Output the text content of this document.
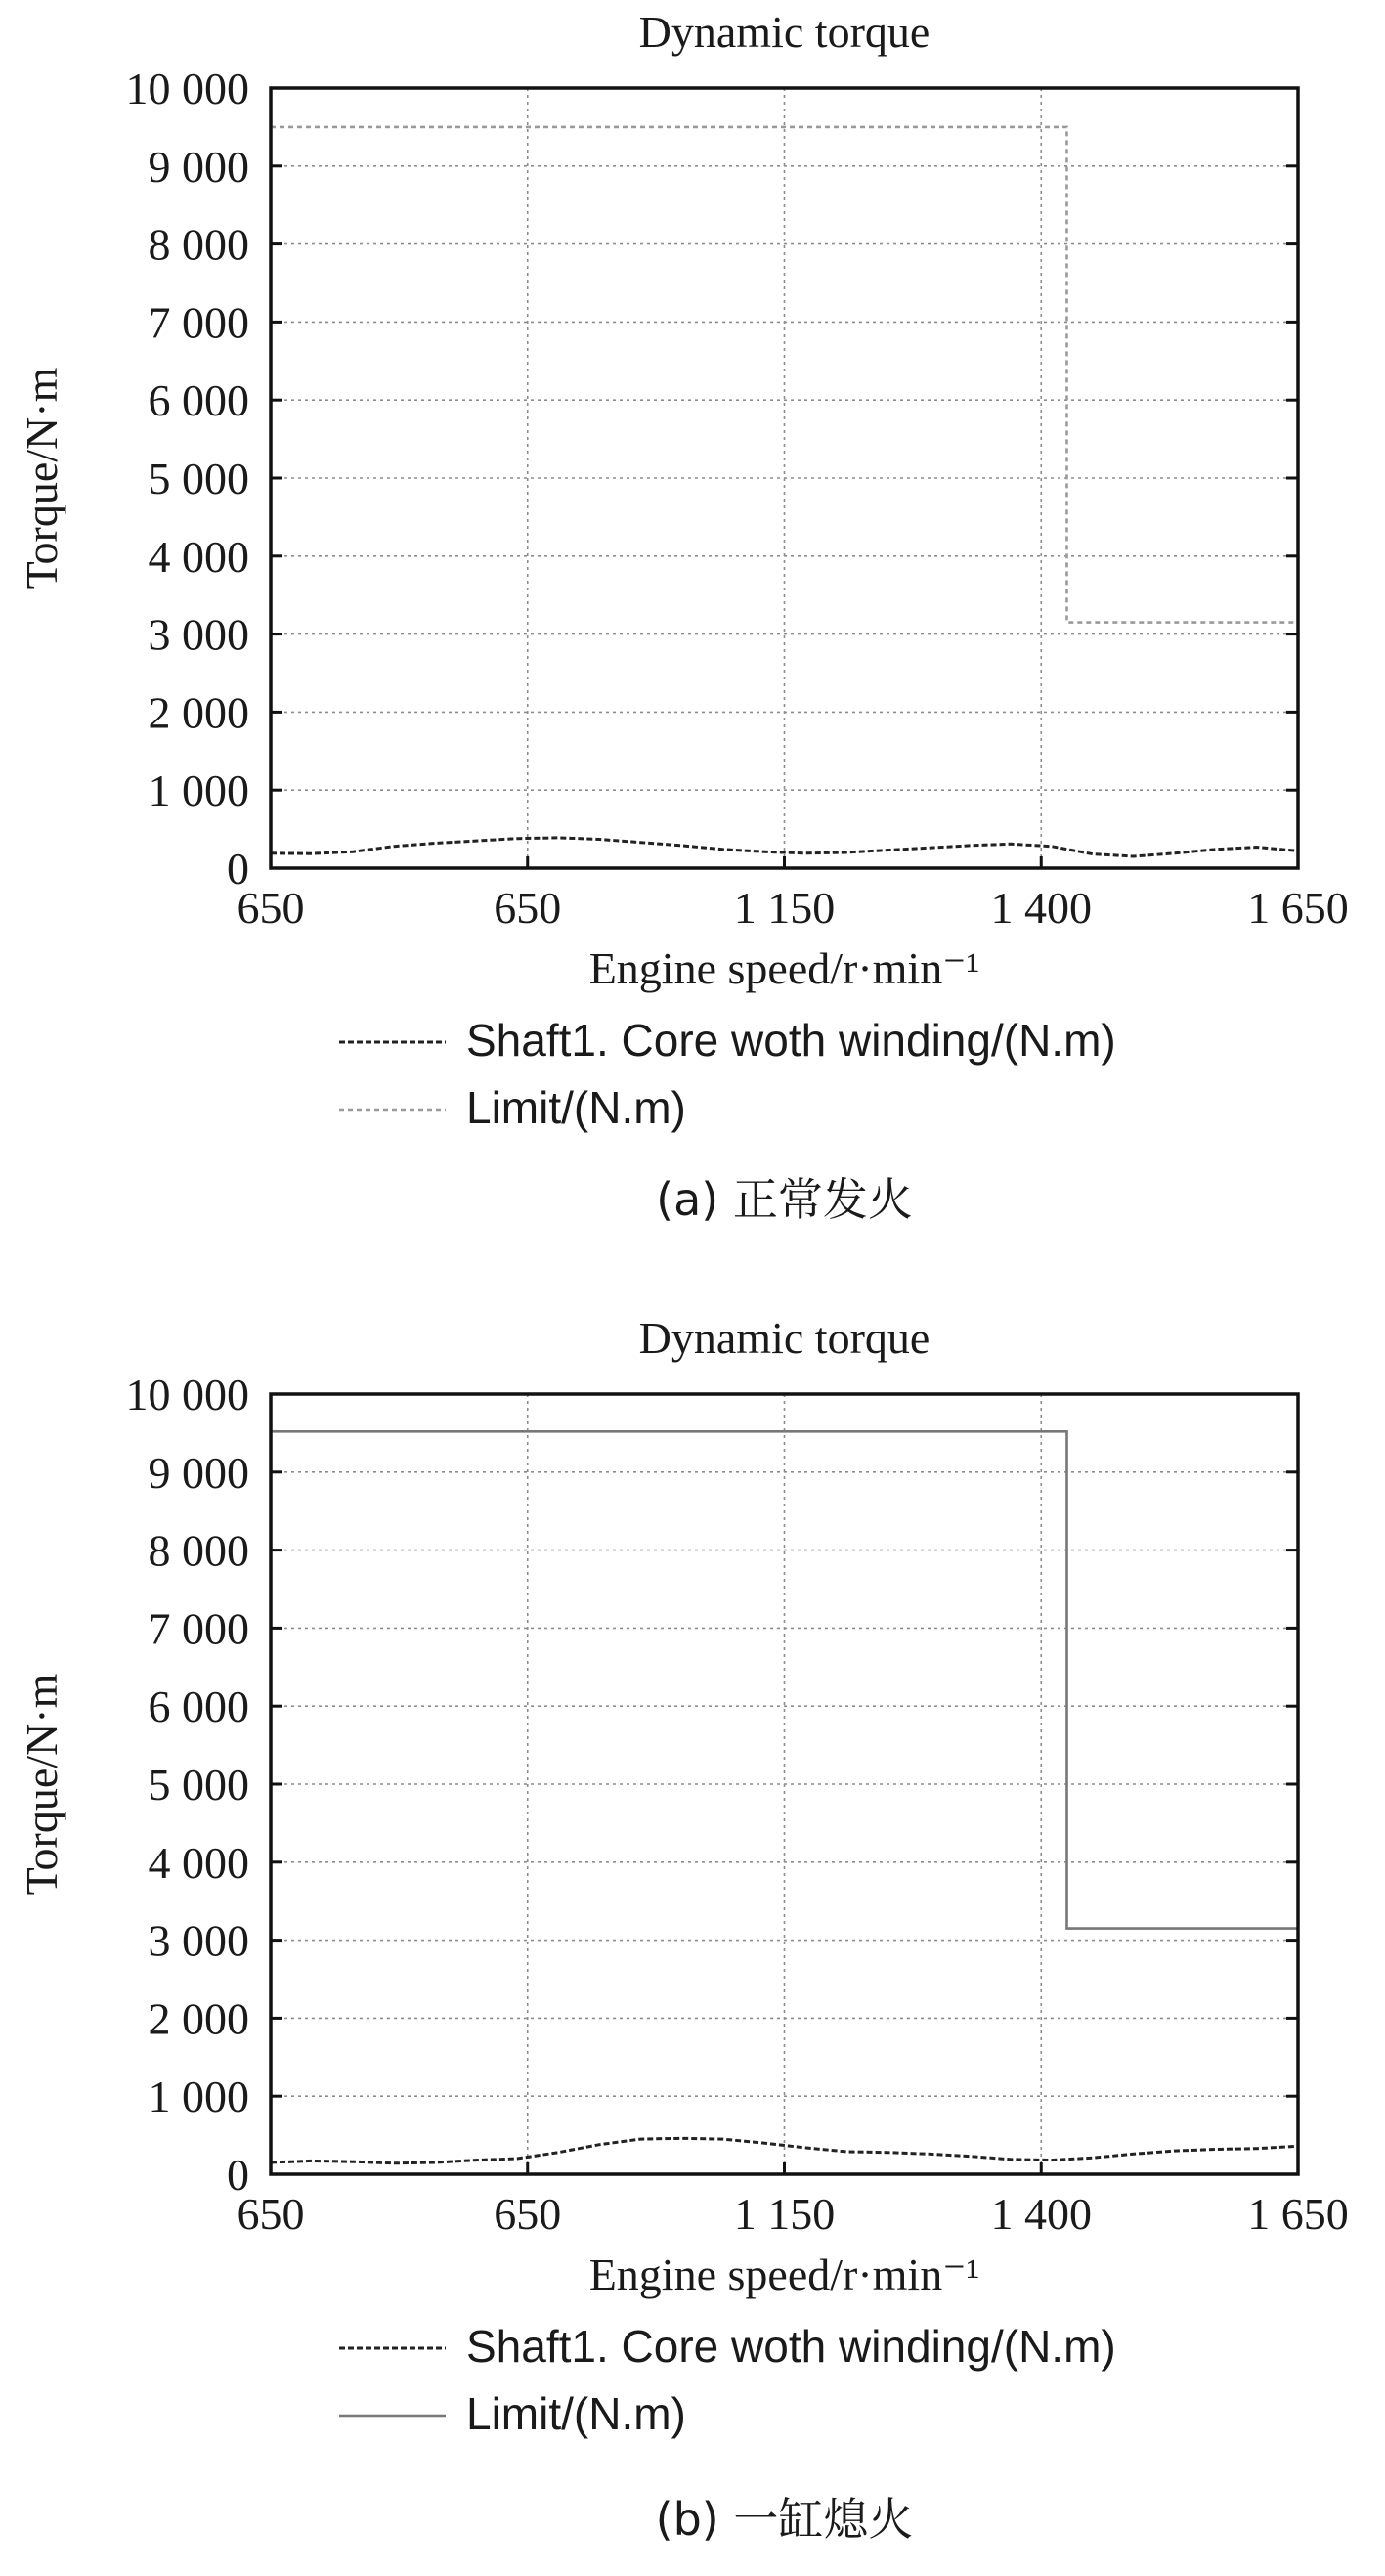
Dynamic torque
0
1 000
2 000
3 000
4 000
5 000
6 000
7 000
8 000
9 000
10 000
650	650	1 150	1 400	1 650
Engine speed/r·min⁻¹
Torque/N·m
Shaft1. Core woth winding/(N.m)
Limit/(N.m)
(a) 正常发火
Dynamic torque
0
1 000
2 000
3 000
4 000
5 000
6 000
7 000
8 000
9 000
10 000
650	650	1 150	1 400	1 650
Engine speed/r·min⁻¹
Torque/N·m
Shaft1. Core woth winding/(N.m)
Limit/(N.m)
(b) 一缸熄火
